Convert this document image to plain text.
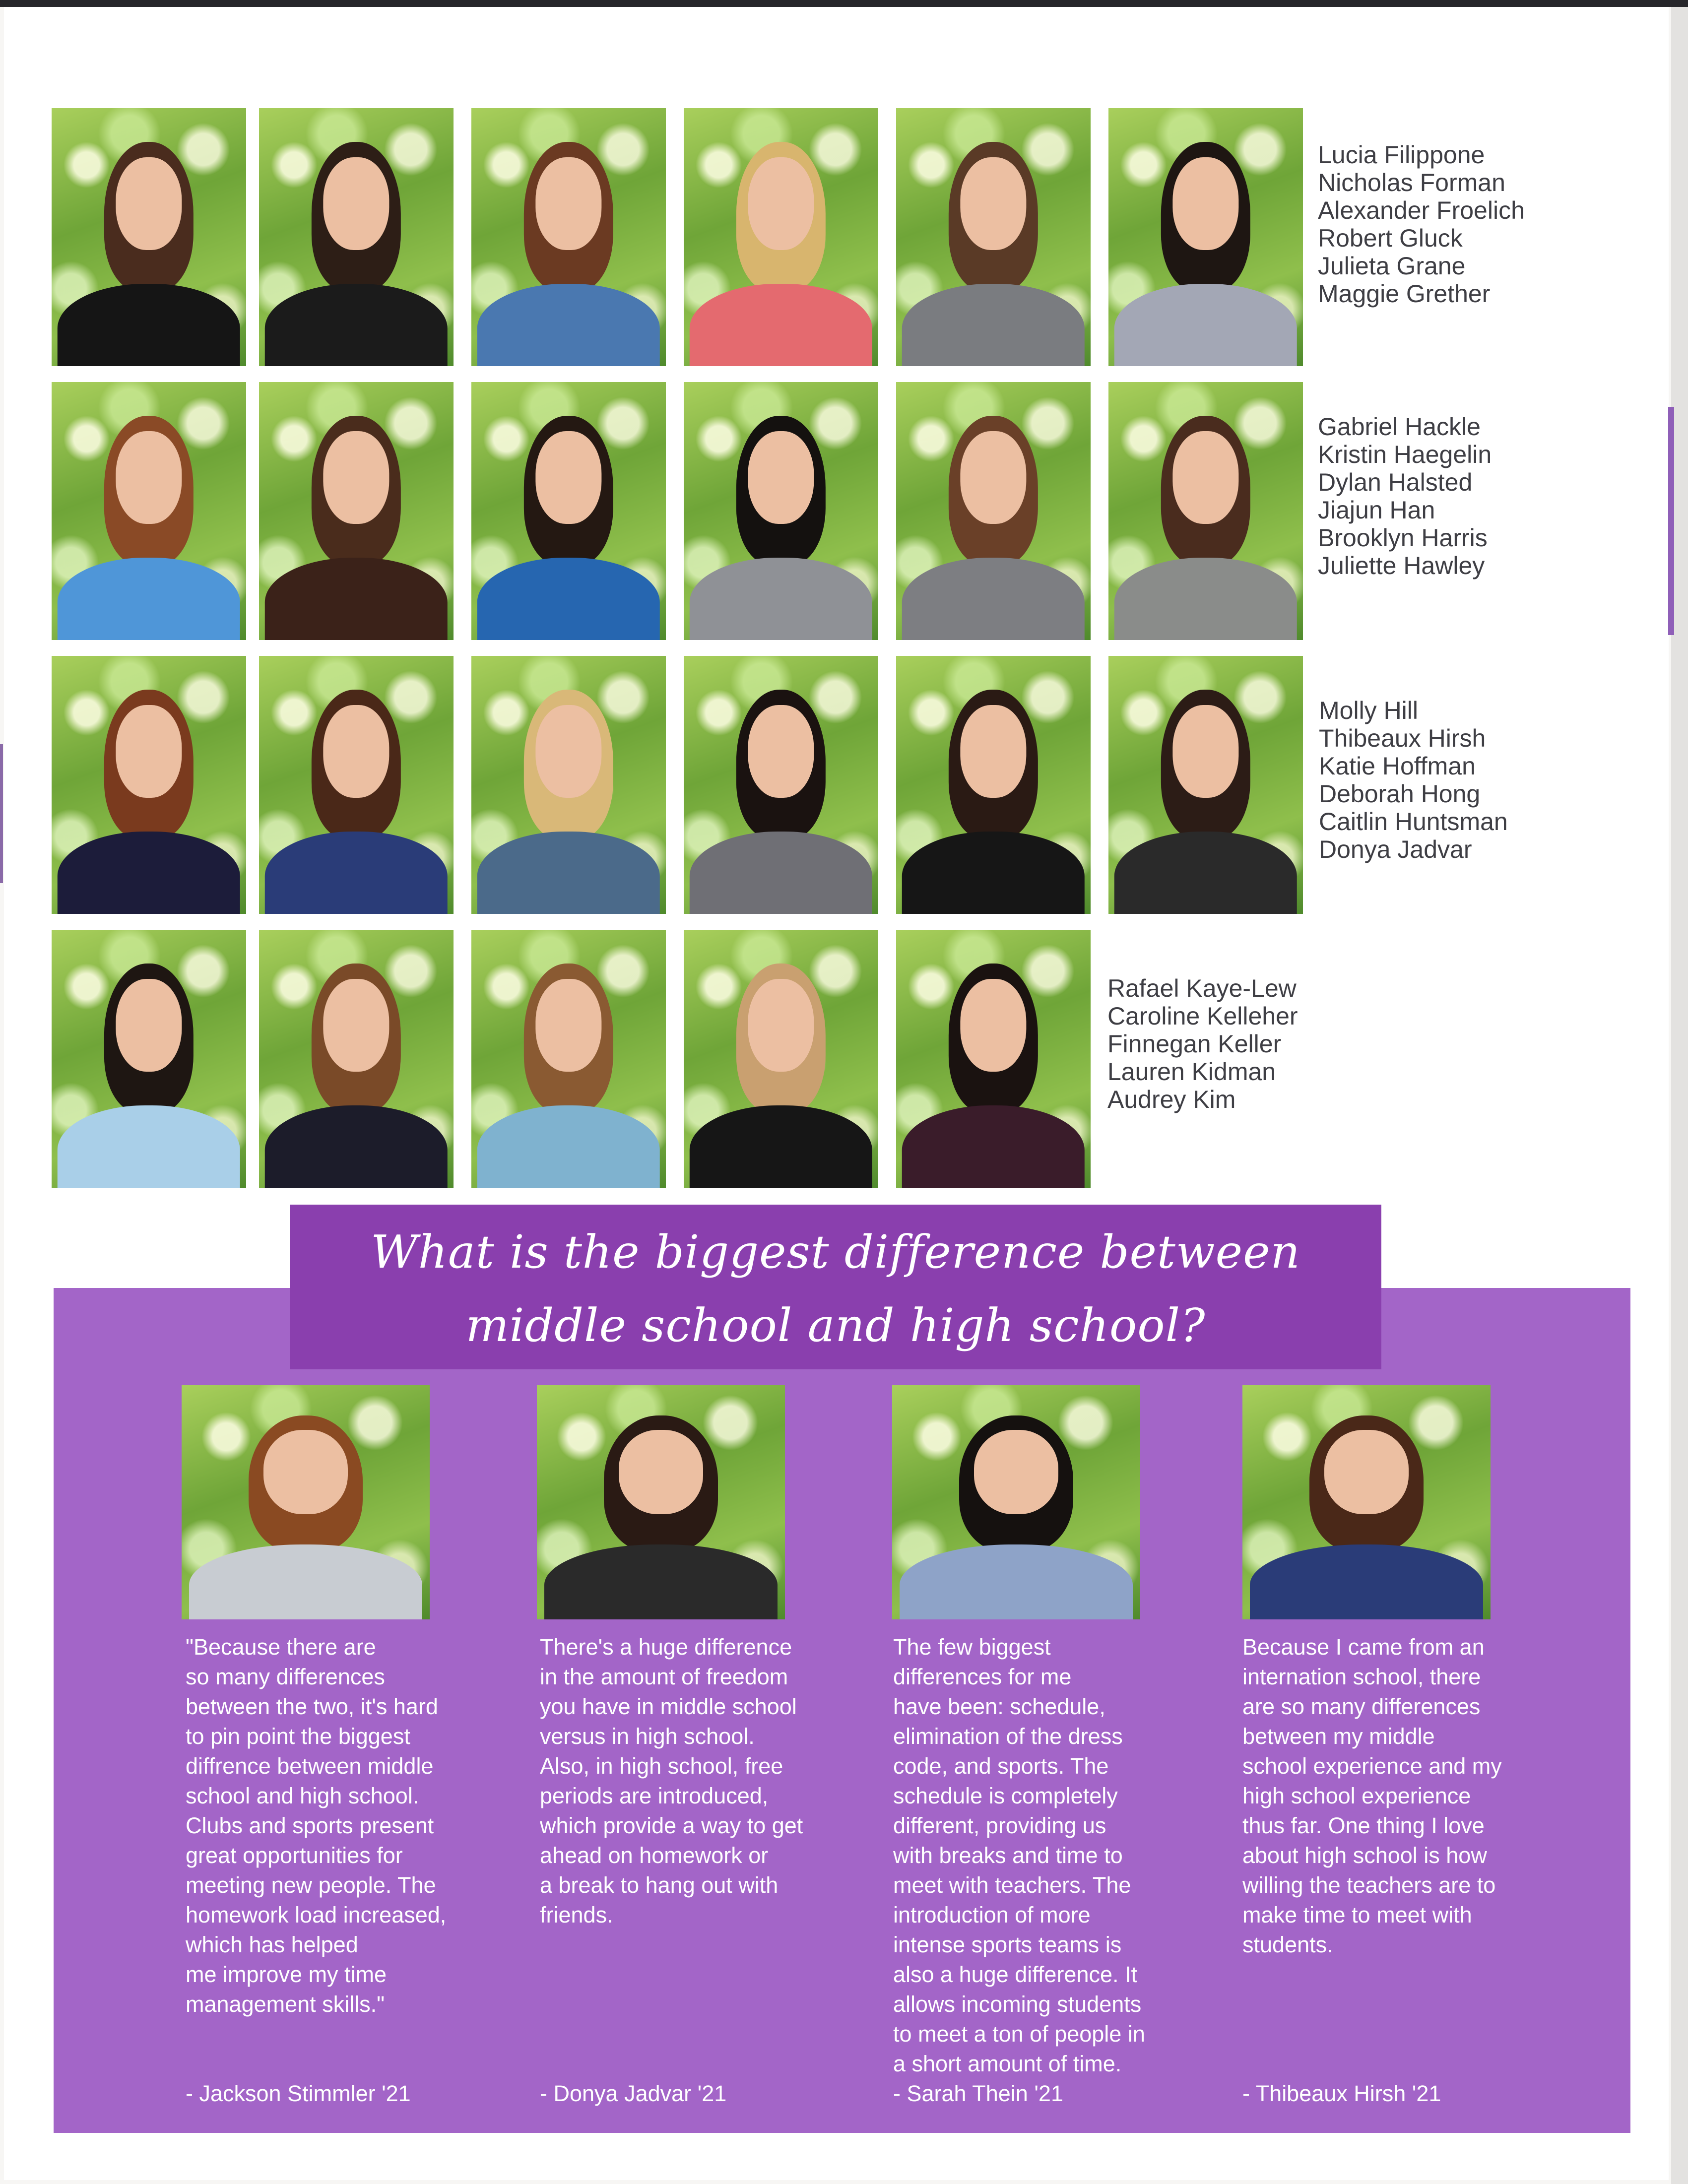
Lucia Filippone
Nicholas Forman
Alexander Froelich
Robert Gluck
Julieta Grane
Maggie Grether
Gabriel Hackle
Kristin Haegelin
Dylan Halsted
Jiajun Han
Brooklyn Harris
Juliette Hawley
Molly Hill
Thibeaux Hirsh
Katie Hoffman
Deborah Hong
Caitlin Huntsman
Donya Jadvar
Rafael Kaye-Lew
Caroline Kelleher
Finnegan Keller
Lauren Kidman
Audrey Kim
What is the biggest difference between
middle school and high school?
"Because there are
so many differences
between the two, it's hard
to pin point the biggest
diffrence between middle
school and high school.
Clubs and sports present
great opportunities for
meeting new people. The
homework load increased,
which has helped
me improve my time
management skills."
- Jackson Stimmler '21
There's a huge difference
in the amount of freedom
you have in middle school
versus in high school.
Also, in high school, free
periods are introduced,
which provide a way to get
ahead on homework or
a break to hang out with
friends.
- Donya Jadvar '21
The few biggest
differences for me
have been: schedule,
elimination of the dress
code, and sports. The
schedule is completely
different, providing us
with breaks and time to
meet with teachers. The
introduction of more
intense sports teams is
also a huge difference. It
allows incoming students
to meet a ton of people in
a short amount of time.
- Sarah Thein '21
Because I came from an
internation school, there
are so many differences
between my middle
school experience and my
high school experience
thus far. One thing I love
about high school is how
willing the teachers are to
make time to meet with
students.
- Thibeaux Hirsh '21
